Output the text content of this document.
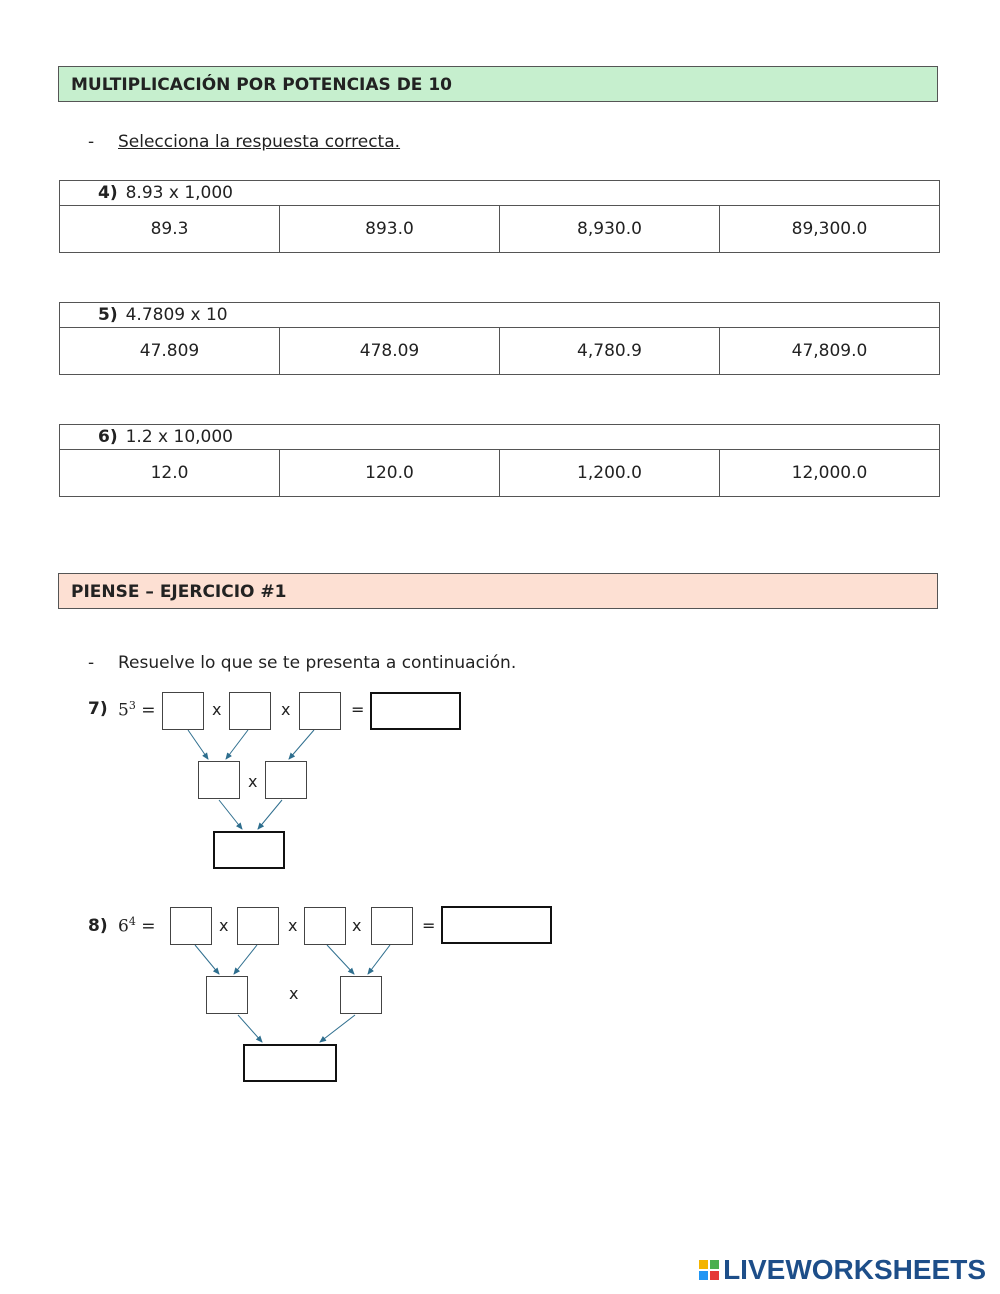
MULTIPLICACIÓN POR POTENCIAS DE 10
- Selecciona la respuesta correcta.
4) 8.93 x 1,000
89.3	893.0	8,930.0	89,300.0
5) 4.7809 x 10
47.809	478.09	4,780.9	47,809.0
6) 1.2 x 10,000
12.0	120.0	1,200.0	12,000.0
PIENSE – EJERCICIO #1
- Resuelve lo que se te presenta a continuación.
7) $5^3$ =	x	x	=
x
8) $6^4$ =	x	x	x	=
x
LIVEWORKSHEETS
